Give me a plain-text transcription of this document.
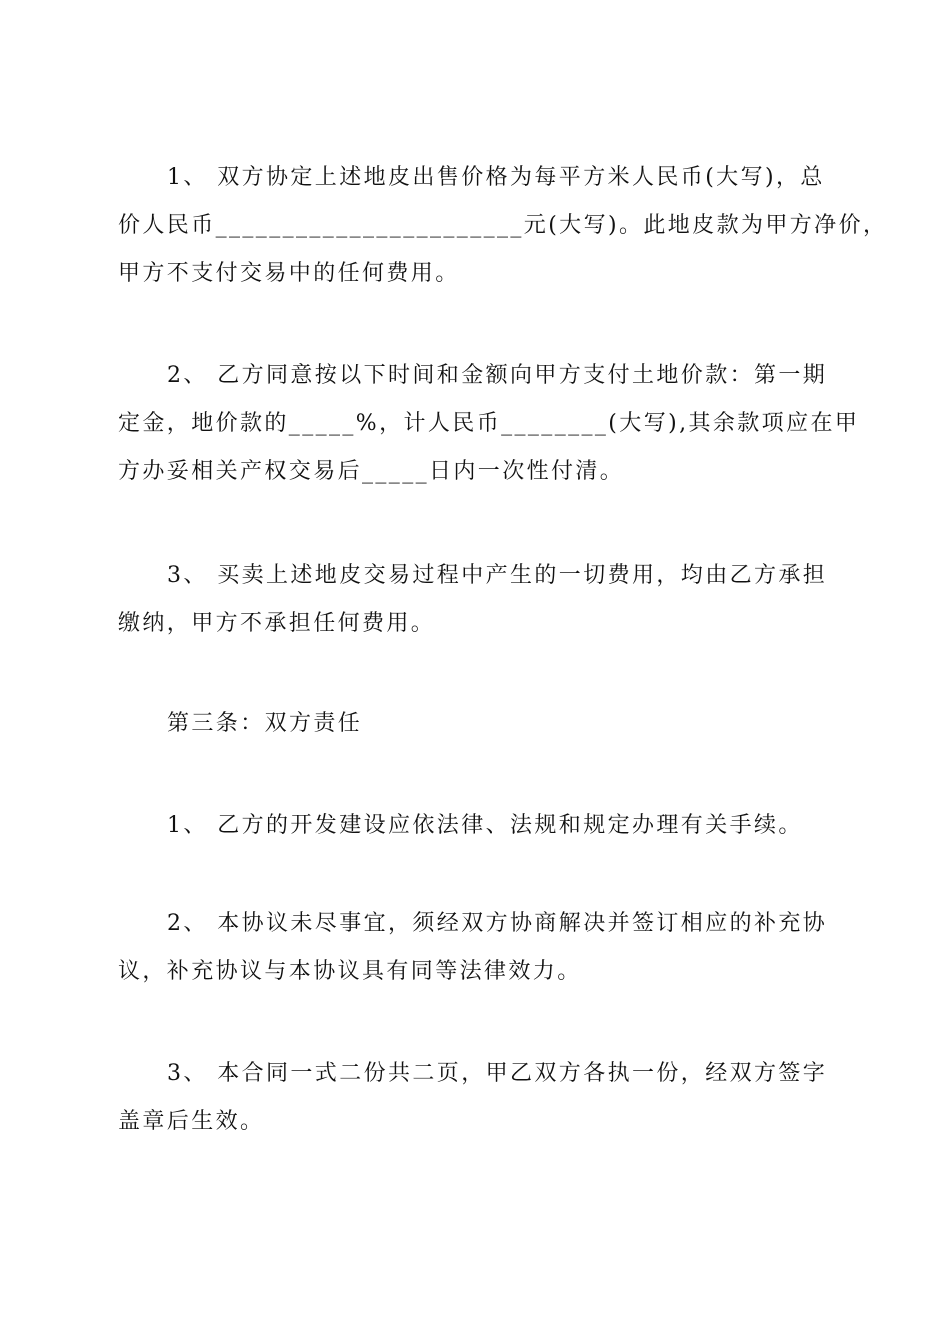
1、 双方协定上述地皮出售价格为每平方米人民币(大写)，总
价人民币_______________________元(大写)。此地皮款为甲方净价，
甲方不支付交易中的任何费用。
2、 乙方同意按以下时间和金额向甲方支付土地价款：第一期
定金，地价款的_____%，计人民币________(大写),其余款项应在甲
方办妥相关产权交易后_____日内一次性付清。
3、 买卖上述地皮交易过程中产生的一切费用，均由乙方承担
缴纳，甲方不承担任何费用。
第三条：双方责任
1、 乙方的开发建设应依法律、法规和规定办理有关手续。
2、 本协议未尽事宜，须经双方协商解决并签订相应的补充协
议，补充协议与本协议具有同等法律效力。
3、 本合同一式二份共二页，甲乙双方各执一份，经双方签字
盖章后生效。
